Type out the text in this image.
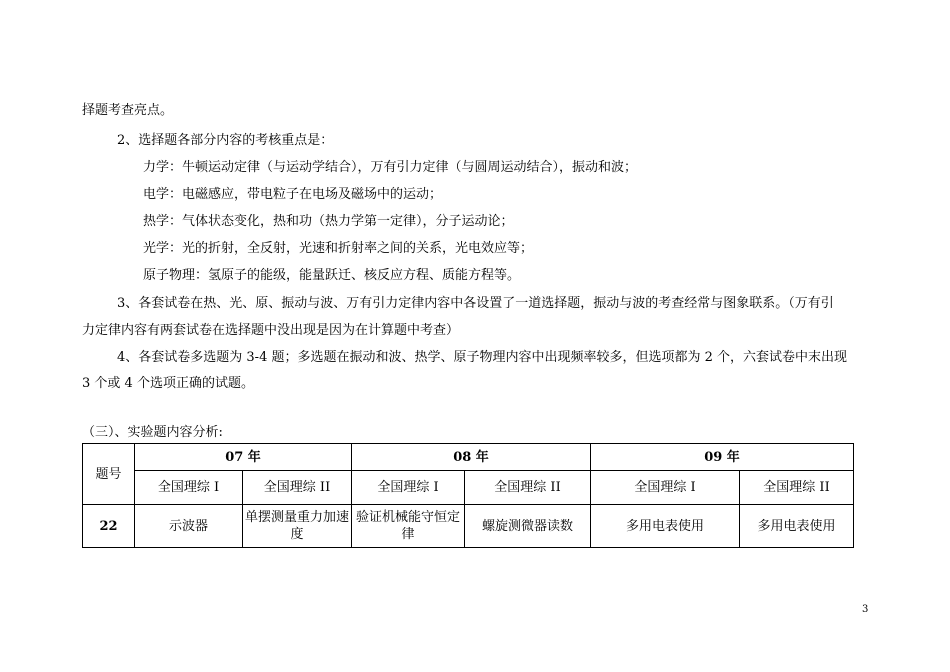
择题考查亮点。
2、选择题各部分内容的考核重点是：
力学：牛顿运动定律（与运动学结合），万有引力定律（与圆周运动结合），振动和波；
电学：电磁感应，带电粒子在电场及磁场中的运动；
热学：气体状态变化，热和功（热力学第一定律），分子运动论；
光学：光的折射，全反射，光速和折射率之间的关系，光电效应等；
原子物理：氢原子的能级，能量跃迁、核反应方程、质能方程等。
3、各套试卷在热、光、原、振动与波、万有引力定律内容中各设置了一道选择题，振动与波的考查经常与图象联系。（万有引
力定律内容有两套试卷在选择题中没出现是因为在计算题中考查）
4、各套试卷多选题为 3-4 题；多选题在振动和波、热学、原子物理内容中出现频率较多，但选项都为 2 个，六套试卷中末出现
3 个或 4 个选项正确的试题。
（三）、实验题内容分析:
题号	07 年		08 年		09 年	
	全国理综 I	全国理综 II	全国理综 I	全国理综 II	全国理综 I	全国理综 II
22	示波器	单摆测量重力加速度	验证机械能守恒定律	螺旋测微器读数	多用电表使用	多用电表使用
3
